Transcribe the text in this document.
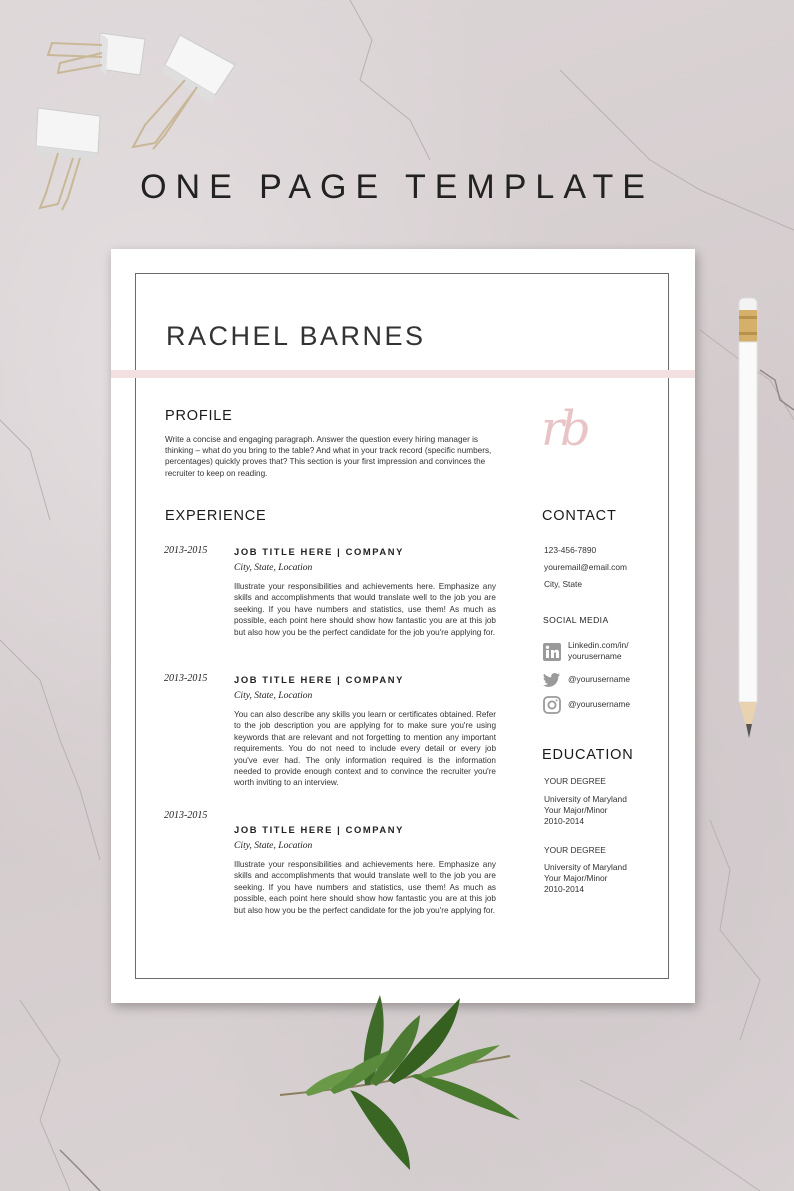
ONE PAGE TEMPLATE
RACHEL BARNES
PROFILE
Write a concise and engaging paragraph. Answer the question every hiring manager is thinking – what do you bring to the table? And what in your track record (specific numbers, percentages) quickly proves that? This section is your first impression and convinces the recruiter to keep on reading.
rb
EXPERIENCE
2013-2015	JOB TITLE HERE | COMPANY
City, State, Location
Illustrate your responsibilities and achievements here. Emphasize any skills and accomplishments that would translate well to the job you are seeking. If you have numbers and statistics, use them! As much as possible, each point here should show how fantastic you are at this job but also how you be the perfect candidate for the job you're applying for.
2013-2015	JOB TITLE HERE | COMPANY
City, State, Location
You can also describe any skills you learn or certificates obtained. Refer to the job description you are applying for to make sure you're using keywords that are relevant and not forgetting to mention any important requirements. You do not need to include every detail or every job you've ever had. The only information required is the information needed to provide enough context and to convince the recruiter you're worth inviting to an interview.
2013-2015
JOB TITLE HERE | COMPANY
City, State, Location
Illustrate your responsibilities and achievements here. Emphasize any skills and accomplishments that would translate well to the job you are seeking. If you have numbers and statistics, use them! As much as possible, each point here should show how fantastic you are at this job but also how you be the perfect candidate for the job you're applying for.
CONTACT
123-456-7890
youremail@email.com
City, State
SOCIAL MEDIA
Linkedin.com/in/
yourusername
@yourusername
@yourusername
EDUCATION
YOUR DEGREE
University of Maryland
Your Major/Minor
2010-2014
YOUR DEGREE
University of Maryland
Your Major/Minor
2010-2014
